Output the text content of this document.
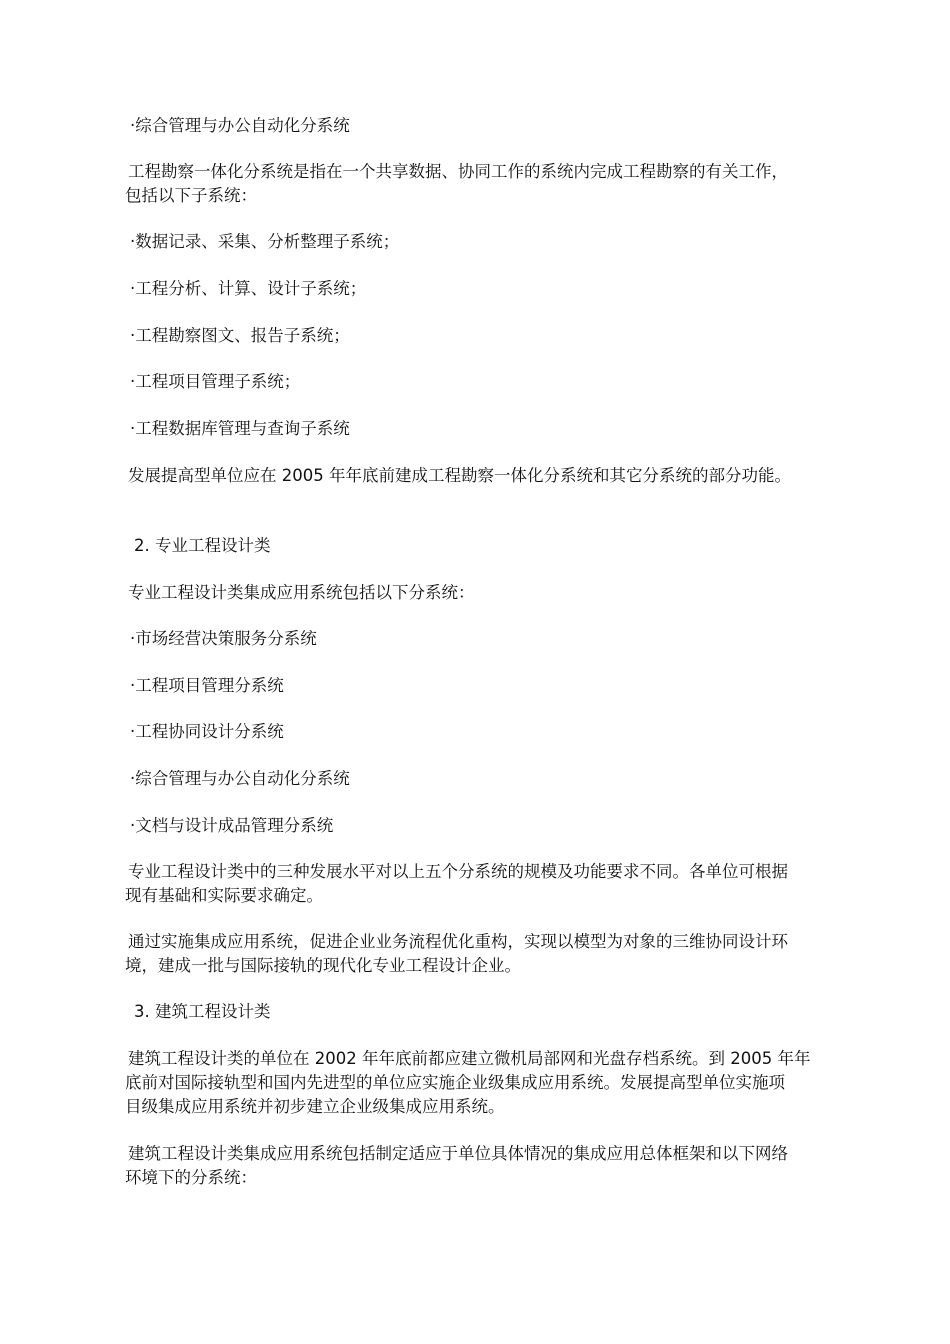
·综合管理与办公自动化分系统

工程勘察一体化分系统是指在一个共享数据、协同工作的系统内完成工程勘察的有关工作，

包括以下子系统：

·数据记录、采集、分析整理子系统；

·工程分析、计算、设计子系统；

·工程勘察图文、报告子系统；

·工程项目管理子系统；

·工程数据库管理与查询子系统

发展提高型单位应在 2005 年年底前建成工程勘察一体化分系统和其它分系统的部分功能。

2. 专业工程设计类

专业工程设计类集成应用系统包括以下分系统：

·市场经营决策服务分系统

·工程项目管理分系统

·工程协同设计分系统

·综合管理与办公自动化分系统

·文档与设计成品管理分系统

专业工程设计类中的三种发展水平对以上五个分系统的规模及功能要求不同。各单位可根据

现有基础和实际要求确定。

通过实施集成应用系统，促进企业业务流程优化重构，实现以模型为对象的三维协同设计环

境，建成一批与国际接轨的现代化专业工程设计企业。

3. 建筑工程设计类

建筑工程设计类的单位在 2002 年年底前都应建立微机局部网和光盘存档系统。到 2005 年年

底前对国际接轨型和国内先进型的单位应实施企业级集成应用系统。发展提高型单位实施项

目级集成应用系统并初步建立企业级集成应用系统。

建筑工程设计类集成应用系统包括制定适应于单位具体情况的集成应用总体框架和以下网络

环境下的分系统：
